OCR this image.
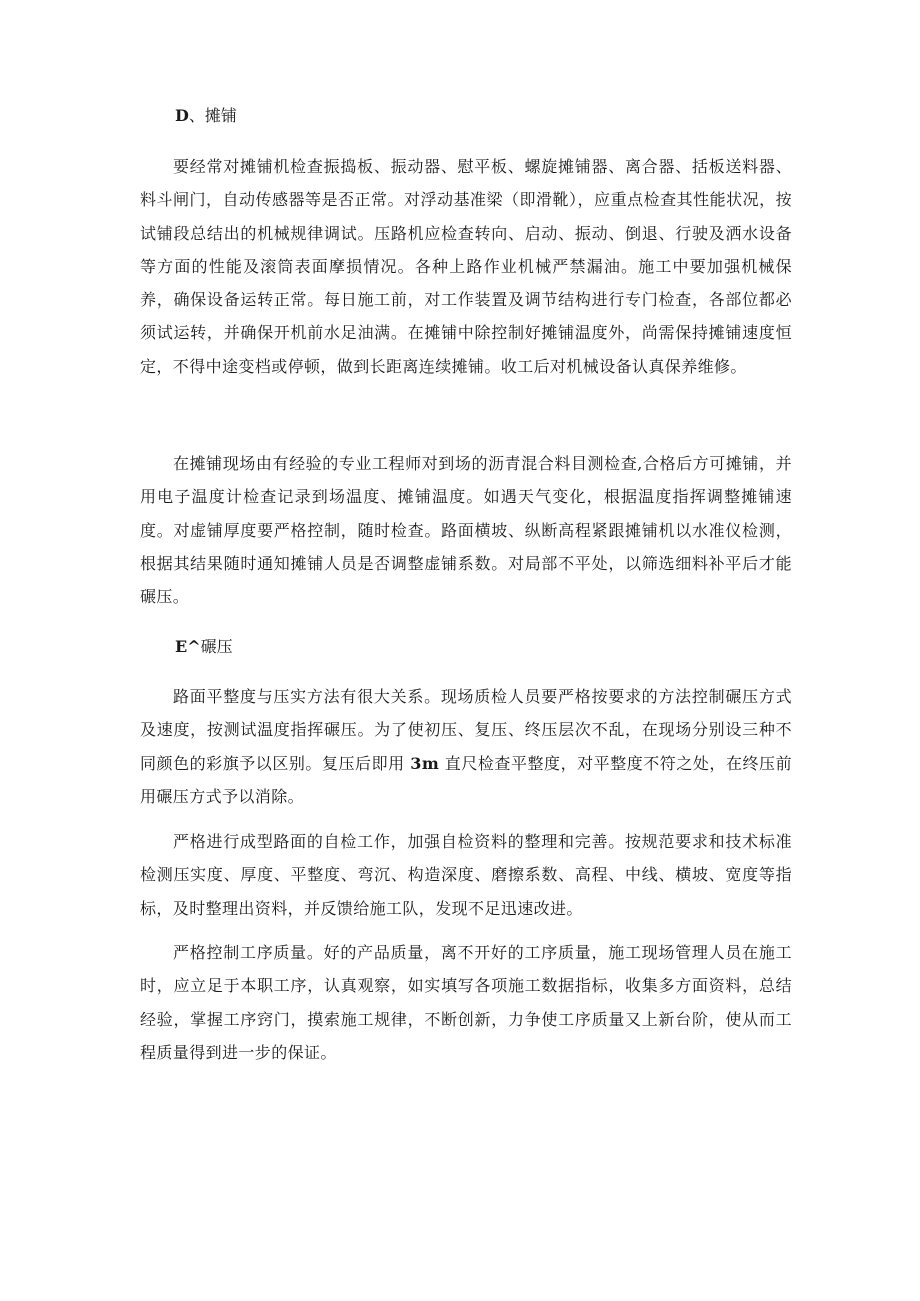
D、摊铺

要经常对摊铺机检查振捣板、振动器、慰平板、螺旋摊铺器、离合器、括板送料器、料斗闸门，自动传感器等是否正常。对浮动基准梁（即滑靴），应重点检查其性能状况，按试铺段总结出的机械规律调试。压路机应检查转向、启动、振动、倒退、行驶及洒水设备等方面的性能及滚筒表面摩损情况。各种上路作业机械严禁漏油。施工中要加强机械保养，确保设备运转正常。每日施工前，对工作装置及调节结构进行专门检查，各部位都必须试运转，并确保开机前水足油满。在摊铺中除控制好摊铺温度外，尚需保持摊铺速度恒定，不得中途变档或停顿，做到长距离连续摊铺。收工后对机械设备认真保养维修。

在摊铺现场由有经验的专业工程师对到场的沥青混合料目测检查,合格后方可摊铺，并用电子温度计检查记录到场温度、摊铺温度。如遇天气变化，根据温度指挥调整摊铺速度。对虚铺厚度要严格控制，随时检查。路面横坡、纵断高程紧跟摊铺机以水准仪检测，根据其结果随时通知摊铺人员是否调整虚铺系数。对局部不平处，以筛选细料补平后才能碾压。

E^碾压

路面平整度与压实方法有很大关系。现场质检人员要严格按要求的方法控制碾压方式及速度，按测试温度指挥碾压。为了使初压、复压、终压层次不乱，在现场分别设三种不同颜色的彩旗予以区别。复压后即用 3m 直尺检查平整度，对平整度不符之处，在终压前用碾压方式予以消除。

严格进行成型路面的自检工作，加强自检资料的整理和完善。按规范要求和技术标准检测压实度、厚度、平整度、弯沉、构造深度、磨擦系数、高程、中线、横坡、宽度等指标，及时整理出资料，并反馈给施工队，发现不足迅速改进。

严格控制工序质量。好的产品质量，离不开好的工序质量，施工现场管理人员在施工时，应立足于本职工序，认真观察，如实填写各项施工数据指标，收集多方面资料，总结经验，掌握工序窍门，摸索施工规律，不断创新，力争使工序质量又上新台阶，使从而工程质量得到进一步的保证。
